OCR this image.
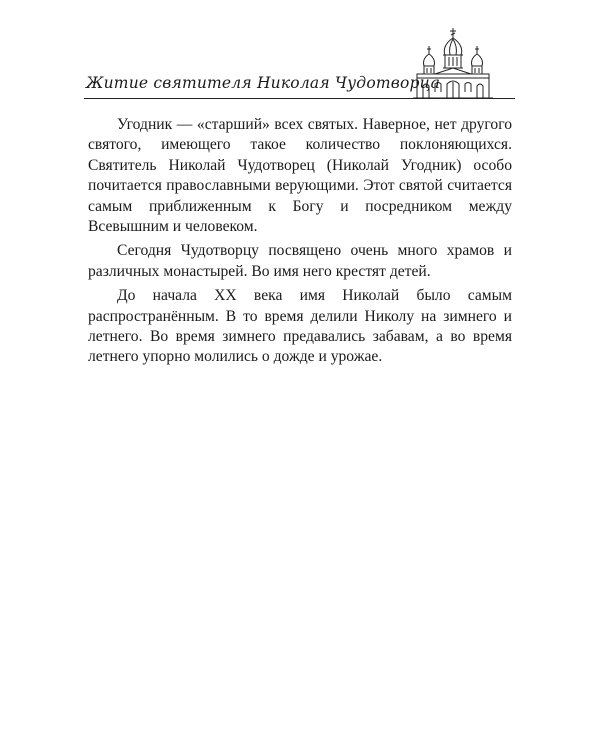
Житие святителя Николая Чудотворца

Угодник — «старший» всех святых. Наверное, нет другого святого, имеющего такое количество поклоняющихся. Святитель Николай Чудотворец (Николай Угодник) особо почитается православными верующими. Этот святой считается самым приближенным к Богу и посредником между Всевышним и человеком.

Сегодня Чудотворцу посвящено очень много храмов и различных монастырей. Во имя него крестят детей.

До начала XX века имя Николай было самым распространённым. В то время делили Николу на зимнего и летнего. Во время зимнего предавались забавам, а во время летнего упорно молились о дожде и урожае.
